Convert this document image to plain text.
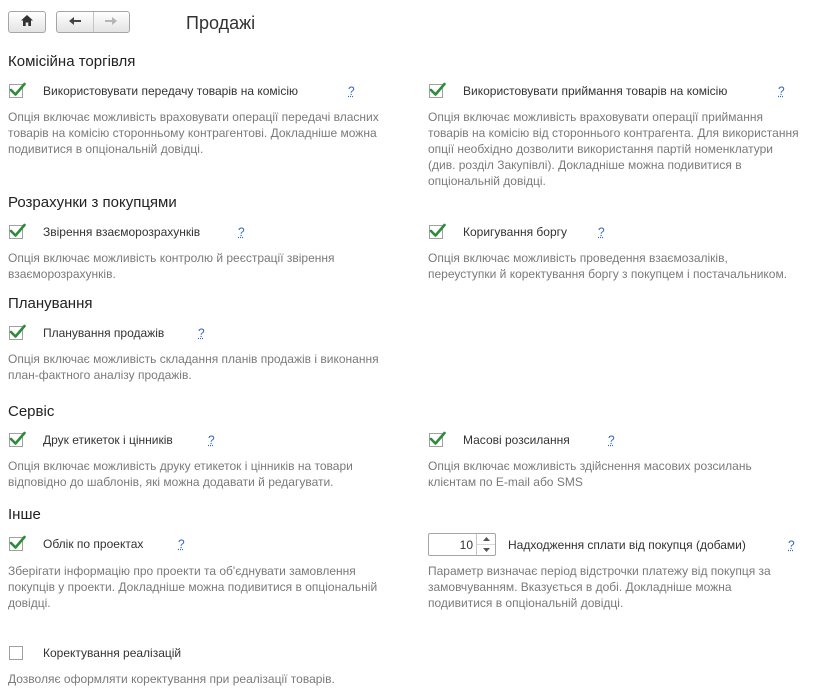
Продажі
Комісійна торгівля
Використовувати передачу товарів на комісію	?
Опція включає можливість враховувати операції передачі власних
товарів на комісію сторонньому контрагентові. Докладніше можна
подивитися в опціональній довідці.
Використовувати приймання товарів на комісію	?
Опція включає можливість враховувати операції приймання
товарів на комісію від стороннього контрагента. Для використання
опції необхідно дозволити використання партій номенклатури
(див. розділ Закупівлі). Докладніше можна подивитися в
опціональній довідці.
Розрахунки з покупцями
Звірення взаєморозрахунків	?
Опція включає можливість контролю й реєстрації звірення
взаєморозрахунків.
Коригування боргу	?
Опція включає можливість проведення взаємозаліків,
переуступки й коректування боргу з покупцем і постачальником.
Планування
Планування продажів	?
Опція включає можливість складання планів продажів і виконання
план-фактного аналізу продажів.
Сервіс
Друк етикеток і цінників	?
Опція включає можливість друку етикеток і цінників на товари
відповідно до шаблонів, які можна додавати й редагувати.
Масові розсилання	?
Опція включає можливість здійснення масових розсилань
клієнтам по E-mail або SMS
Інше
Облік по проектах	?
Зберігати інформацію про проекти та об'єднувати замовлення
покупців у проекти. Докладніше можна подивитися в опціональній
довідці.
10
Надходження сплати від покупця (добами)	?
Параметр визначає період відстрочки платежу від покупця за
замовчуванням. Вказується в добі. Докладніше можна
подивитися в опціональній довідці.
Коректування реалізацій
Дозволяє оформляти коректування при реалізації товарів.
